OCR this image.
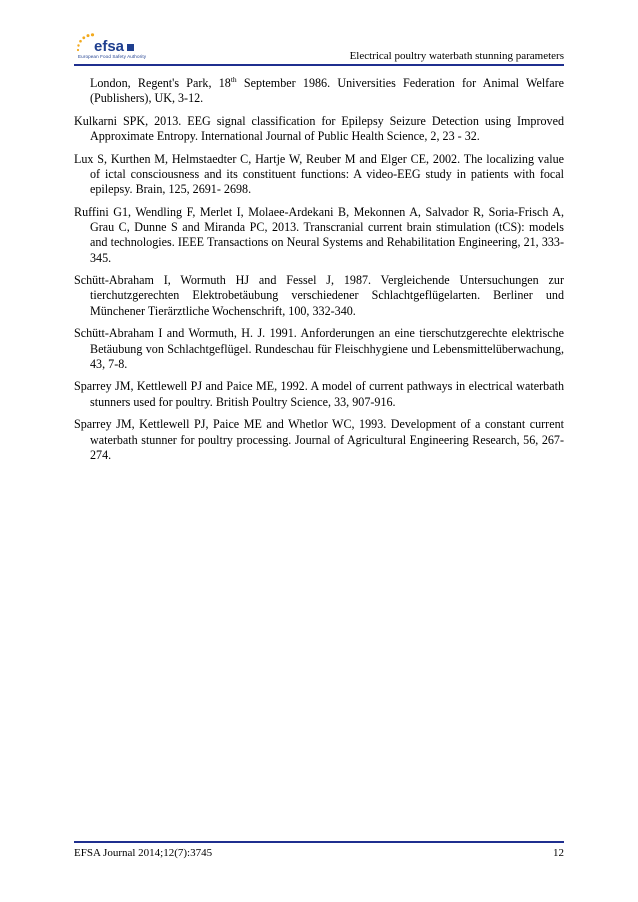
efsa
European Food Safety Authority	Electrical poultry waterbath stunning parameters

London, Regent's Park, 18th September 1986. Universities Federation for Animal Welfare (Publishers), UK, 3-12.

Kulkarni SPK, 2013. EEG signal classification for Epilepsy Seizure Detection using Improved Approximate Entropy. International Journal of Public Health Science, 2, 23 - 32.

Lux S, Kurthen M, Helmstaedter C, Hartje W, Reuber M and Elger CE, 2002. The localizing value of ictal consciousness and its constituent functions: A video-EEG study in patients with focal epilepsy. Brain, 125, 2691- 2698.

Ruffini G1, Wendling F, Merlet I, Molaee-Ardekani B, Mekonnen A, Salvador R, Soria-Frisch A, Grau C, Dunne S and Miranda PC, 2013. Transcranial current brain stimulation (tCS): models and technologies. IEEE Transactions on Neural Systems and Rehabilitation Engineering, 21, 333-345.

Schütt-Abraham I, Wormuth HJ and Fessel J, 1987. Vergleichende Untersuchungen zur tierchutzgerechten Elektrobetäubung verschiedener Schlachtgeflügelarten. Berliner und Münchener Tierärztliche Wochenschrift, 100, 332-340.

Schütt-Abraham I and Wormuth, H. J. 1991. Anforderungen an eine tierschutzgerechte elektrische Betäubung von Schlachtgeflügel. Rundeschau für Fleischhygiene und Lebensmittelüberwachung, 43, 7-8.

Sparrey JM, Kettlewell PJ and Paice ME, 1992. A model of current pathways in electrical waterbath stunners used for poultry. British Poultry Science, 33, 907-916.

Sparrey JM, Kettlewell PJ, Paice ME and Whetlor WC, 1993. Development of a constant current waterbath stunner for poultry processing. Journal of Agricultural Engineering Research, 56, 267-274.

EFSA Journal 2014;12(7):3745	12
